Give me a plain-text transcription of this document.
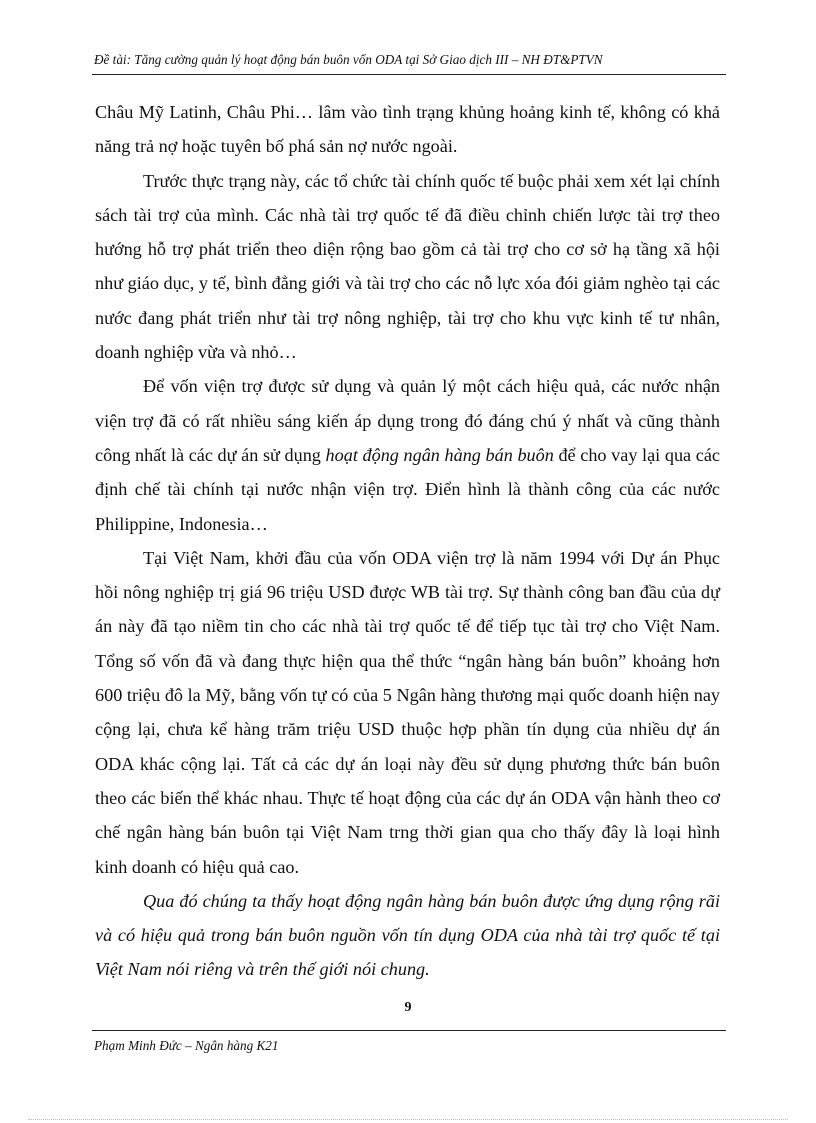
Đề tài: Tăng cường quản lý hoạt động bán buôn vốn ODA tại Sở Giao dịch III – NH ĐT&PTVN

Châu Mỹ Latinh, Châu Phi… lâm vào tình trạng khủng hoảng kinh tế, không có khả năng trả nợ hoặc tuyên bố phá sản nợ nước ngoài.

Trước thực trạng này, các tổ chức tài chính quốc tế buộc phải xem xét lại chính sách tài trợ của mình. Các nhà tài trợ quốc tế đã điều chỉnh chiến lược tài trợ theo hướng hỗ trợ phát triển theo diện rộng bao gồm cả tài trợ cho cơ sở hạ tầng xã hội như giáo dục, y tế, bình đẳng giới và tài trợ cho các nỗ lực xóa đói giảm nghèo tại các nước đang phát triển như tài trợ nông nghiệp, tài trợ cho khu vực kinh tế tư nhân, doanh nghiệp vừa và nhỏ…

Để vốn viện trợ được sử dụng và quản lý một cách hiệu quả, các nước nhận viện trợ đã có rất nhiều sáng kiến áp dụng trong đó đáng chú ý nhất và cũng thành công nhất là các dự án sử dụng hoạt động ngân hàng bán buôn để cho vay lại qua các định chế tài chính tại nước nhận viện trợ. Điển hình là thành công của các nước Philippine, Indonesia…

Tại Việt Nam, khởi đầu của vốn ODA viện trợ là năm 1994 với Dự án Phục hồi nông nghiệp trị giá 96 triệu USD được WB tài trợ. Sự thành công ban đầu của dự án này đã tạo niềm tin cho các nhà tài trợ quốc tế để tiếp tục tài trợ cho Việt Nam. Tổng số vốn đã và đang thực hiện qua thể thức “ngân hàng bán buôn” khoảng hơn 600 triệu đô la Mỹ, bằng vốn tự có của 5 Ngân hàng thương mại quốc doanh hiện nay cộng lại, chưa kể hàng trăm triệu USD thuộc hợp phần tín dụng của nhiều dự án ODA khác cộng lại. Tất cả các dự án loại này đều sử dụng phương thức bán buôn theo các biến thể khác nhau. Thực tế hoạt động của các dự án ODA vận hành theo cơ chế ngân hàng bán buôn tại Việt Nam trng thời gian qua cho thấy đây là loại hình kinh doanh có hiệu quả cao.

Qua đó chúng ta thấy hoạt động ngân hàng bán buôn được ứng dụng rộng rãi và có hiệu quả trong bán buôn nguồn vốn tín dụng ODA của nhà tài trợ quốc tế tại Việt Nam nói riêng và trên thế giới nói chung.

9
Phạm Minh Đức – Ngân hàng K21
